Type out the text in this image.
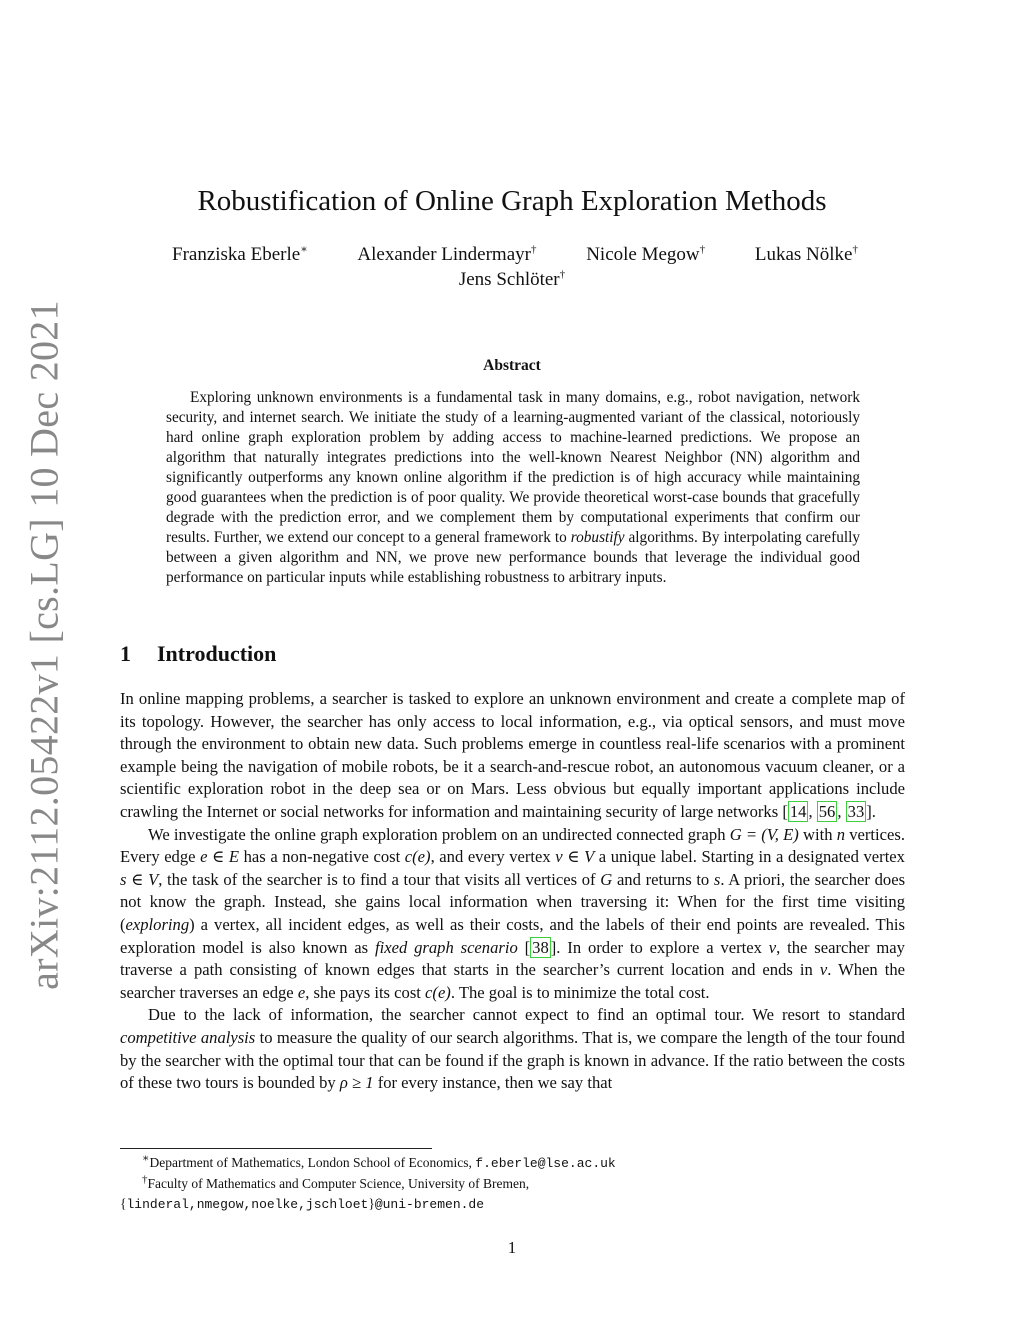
arXiv:2112.05422v1 [cs.LG] 10 Dec 2021
Robustification of Online Graph Exploration Methods
Franziska Eberle∗	Alexander Lindermayr†	Nicole Megow†	Lukas Nölke†
Jens Schlöter†
Abstract

Exploring unknown environments is a fundamental task in many domains, e.g., robot navigation, network security, and internet search. We initiate the study of a learning-augmented variant of the classical, notoriously hard online graph exploration problem by adding access to machine-learned predictions. We propose an algorithm that naturally integrates predictions into the well-known Nearest Neighbor (NN) algorithm and significantly outperforms any known online algorithm if the prediction is of high accuracy while maintaining good guarantees when the prediction is of poor quality. We provide theoretical worst-case bounds that gracefully degrade with the prediction error, and we complement them by computational experiments that confirm our results. Further, we extend our concept to a general framework to robustify algorithms. By interpolating carefully between a given algorithm and NN, we prove new performance bounds that leverage the individual good performance on particular inputs while establishing robustness to arbitrary inputs.

1 Introduction

In online mapping problems, a searcher is tasked to explore an unknown environment and create a complete map of its topology. However, the searcher has only access to local information, e.g., via optical sensors, and must move through the environment to obtain new data. Such problems emerge in countless real-life scenarios with a prominent example being the navigation of mobile robots, be it a search-and-rescue robot, an autonomous vacuum cleaner, or a scientific exploration robot in the deep sea or on Mars. Less obvious but equally important applications include crawling the Internet or social networks for information and maintaining security of large networks [ 14 , 56 , 33 ].

We investigate the online graph exploration problem on an undirected connected graph G = (V, E) with n vertices. Every edge e ∈ E has a non-negative cost c(e), and every vertex v ∈ V a unique label. Starting in a designated vertex s ∈ V, the task of the searcher is to find a tour that visits all vertices of G and returns to s. A priori, the searcher does not know the graph. Instead, she gains local information when traversing it: When for the first time visiting (exploring) a vertex, all incident edges, as well as their costs, and the labels of their end points are revealed. This exploration model is also known as fixed graph scenario [ 38 ]. In order to explore a vertex v, the searcher may traverse a path consisting of known edges that starts in the searcher’s current location and ends in v. When the searcher traverses an edge e, she pays its cost c(e). The goal is to minimize the total cost.

Due to the lack of information, the searcher cannot expect to find an optimal tour. We resort to standard competitive analysis to measure the quality of our search algorithms. That is, we compare the length of the tour found by the searcher with the optimal tour that can be found if the graph is known in advance. If the ratio between the costs of these two tours is bounded by ρ ≥ 1 for every instance, then we say that

∗Department of Mathematics, London School of Economics, f.eberle@lse.ac.uk
†Faculty of Mathematics and Computer Science, University of Bremen,
{linderal,nmegow,noelke,jschloet}@uni-bremen.de
1
